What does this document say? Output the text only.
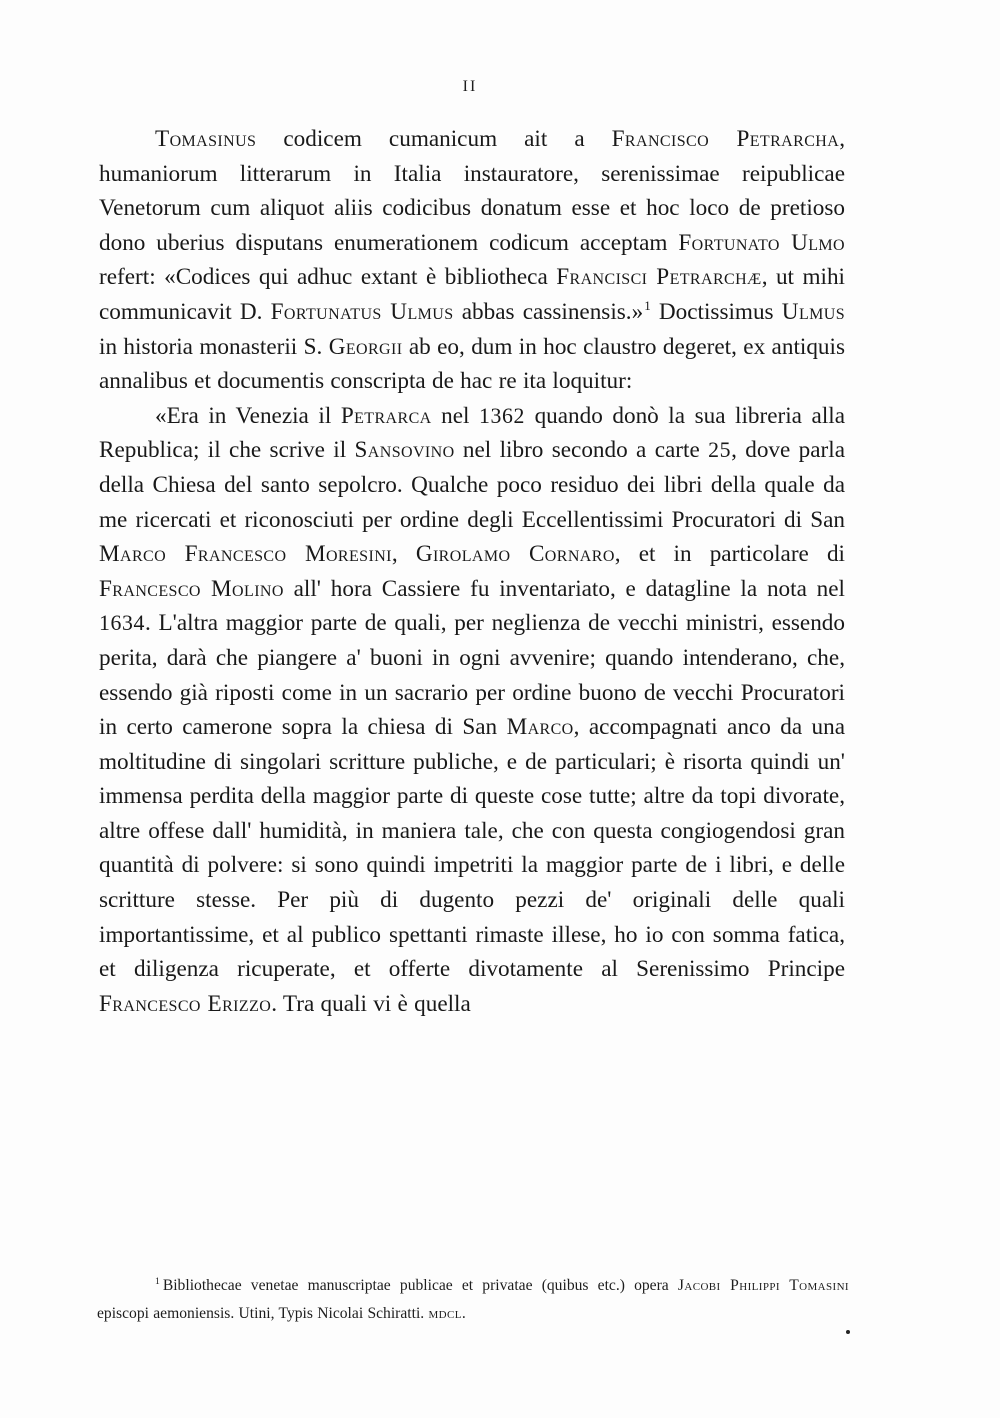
II

Tomasinus codicem cumanicum ait a Francisco Petrarcha, humaniorum litterarum in Italia instauratore, serenissimae reipublicae Venetorum cum aliquot aliis codicibus donatum esse et hoc loco de pretioso dono uberius disputans enumerationem codicum acceptam Fortunato Ulmo refert: «Codices qui adhuc extant è bibliotheca Francisci Petrarchæ, ut mihi communicavit D. Fortunatus Ulmus abbas cassinensis.»$^1$ Doctissimus Ulmus in historia monasterii S. Georgii ab eo, dum in hoc claustro degeret, ex antiquis annalibus et documentis conscripta de hac re ita loquitur:

«Era in Venezia il Petrarca nel 1362 quando donò la sua libreria alla Republica; il che scrive il Sansovino nel libro secondo a carte 25, dove parla della Chiesa del santo sepolcro. Qualche poco residuo dei libri della quale da me ricercati et riconosciuti per ordine degli Eccellentissimi Procuratori di San Marco Francesco Moresini, Girolamo Cornaro, et in particolare di Francesco Molino all' hora Cassiere fu inventariato, e datagline la nota nel 1634. L'altra maggior parte de quali, per neglienza de vecchi ministri, essendo perita, darà che piangere a' buoni in ogni avvenire; quando intenderano, che, essendo già riposti come in un sacrario per ordine buono de vecchi Procuratori in certo camerone sopra la chiesa di San Marco, accompagnati anco da una moltitudine di singolari scritture publiche, e de particulari; è risorta quindi un' immensa perdita della maggior parte di queste cose tutte; altre da topi divorate, altre offese dall' humidità, in maniera tale, che con questa congiogendosi gran quantità di polvere: si sono quindi impetriti la maggior parte de i libri, e delle scritture stesse. Per più di dugento pezzi de' originali delle quali importantissime, et al publico spettanti rimaste illese, ho io con somma fatica, et diligenza ricuperate, et offerte divotamente al Serenissimo Principe Francesco Erizzo. Tra quali vi è quella

$^1$ Bibliothecae venetae manuscriptae publicae et privatae (quibus etc.) opera Jacobi Philippi Tomasini episcopi aemoniensis. Utini, Typis Nicolai Schiratti. mdcl.
